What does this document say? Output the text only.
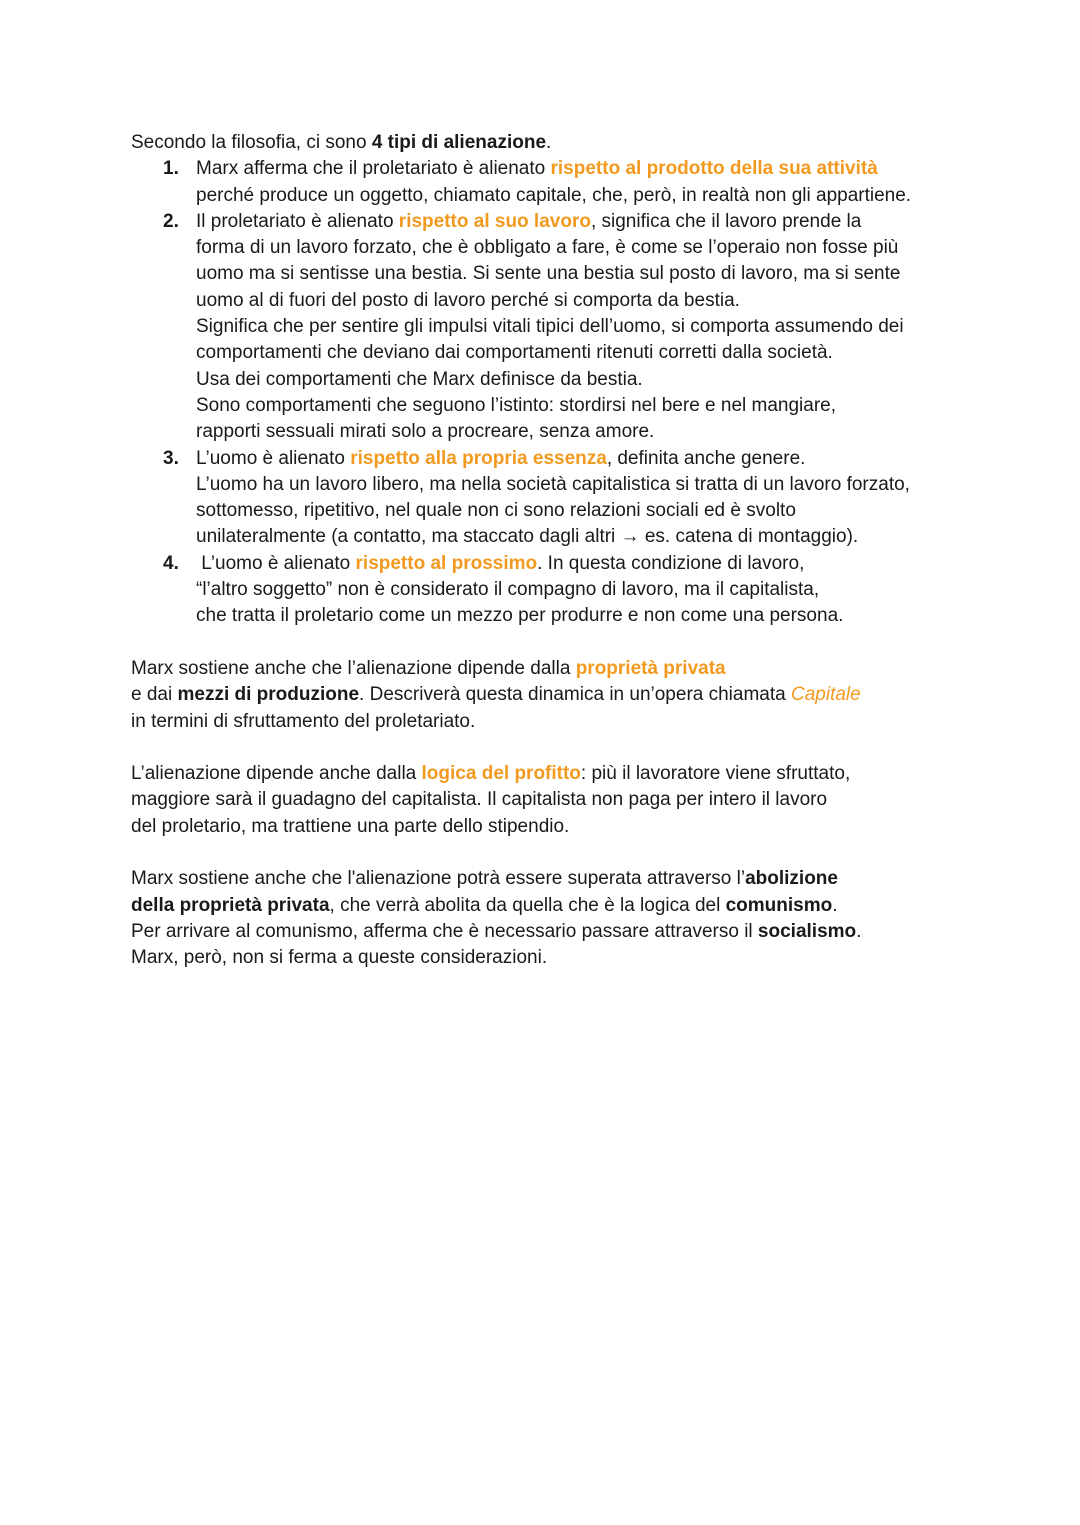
Secondo la filosofia, ci sono 4 tipi di alienazione.
1. Marx afferma che il proletariato è alienato rispetto al prodotto della sua attività
perché produce un oggetto, chiamato capitale, che, però, in realtà non gli appartiene.
2. Il proletariato è alienato rispetto al suo lavoro, significa che il lavoro prende la
forma di un lavoro forzato, che è obbligato a fare, è come se l’operaio non fosse più
uomo ma si sentisse una bestia. Si sente una bestia sul posto di lavoro, ma si sente
uomo al di fuori del posto di lavoro perché si comporta da bestia.
Significa che per sentire gli impulsi vitali tipici dell’uomo, si comporta assumendo dei
comportamenti che deviano dai comportamenti ritenuti corretti dalla società.
Usa dei comportamenti che Marx definisce da bestia.
Sono comportamenti che seguono l’istinto: stordirsi nel bere e nel mangiare,
rapporti sessuali mirati solo a procreare, senza amore.
3. L’uomo è alienato rispetto alla propria essenza, definita anche genere.
L’uomo ha un lavoro libero, ma nella società capitalistica si tratta di un lavoro forzato,
sottomesso, ripetitivo, nel quale non ci sono relazioni sociali ed è svolto
unilateralmente (a contatto, ma staccato dagli altri → es. catena di montaggio).
4. L’uomo è alienato rispetto al prossimo. In questa condizione di lavoro,
“l’altro soggetto” non è considerato il compagno di lavoro, ma il capitalista,
che tratta il proletario come un mezzo per produrre e non come una persona.
Marx sostiene anche che l’alienazione dipende dalla proprietà privata
e dai mezzi di produzione. Descriverà questa dinamica in un’opera chiamata Capitale
in termini di sfruttamento del proletariato.
L’alienazione dipende anche dalla logica del profitto: più il lavoratore viene sfruttato,
maggiore sarà il guadagno del capitalista. Il capitalista non paga per intero il lavoro
del proletario, ma trattiene una parte dello stipendio.
Marx sostiene anche che l'alienazione potrà essere superata attraverso l’abolizione
della proprietà privata, che verrà abolita da quella che è la logica del comunismo.
Per arrivare al comunismo, afferma che è necessario passare attraverso il socialismo.
Marx, però, non si ferma a queste considerazioni.
